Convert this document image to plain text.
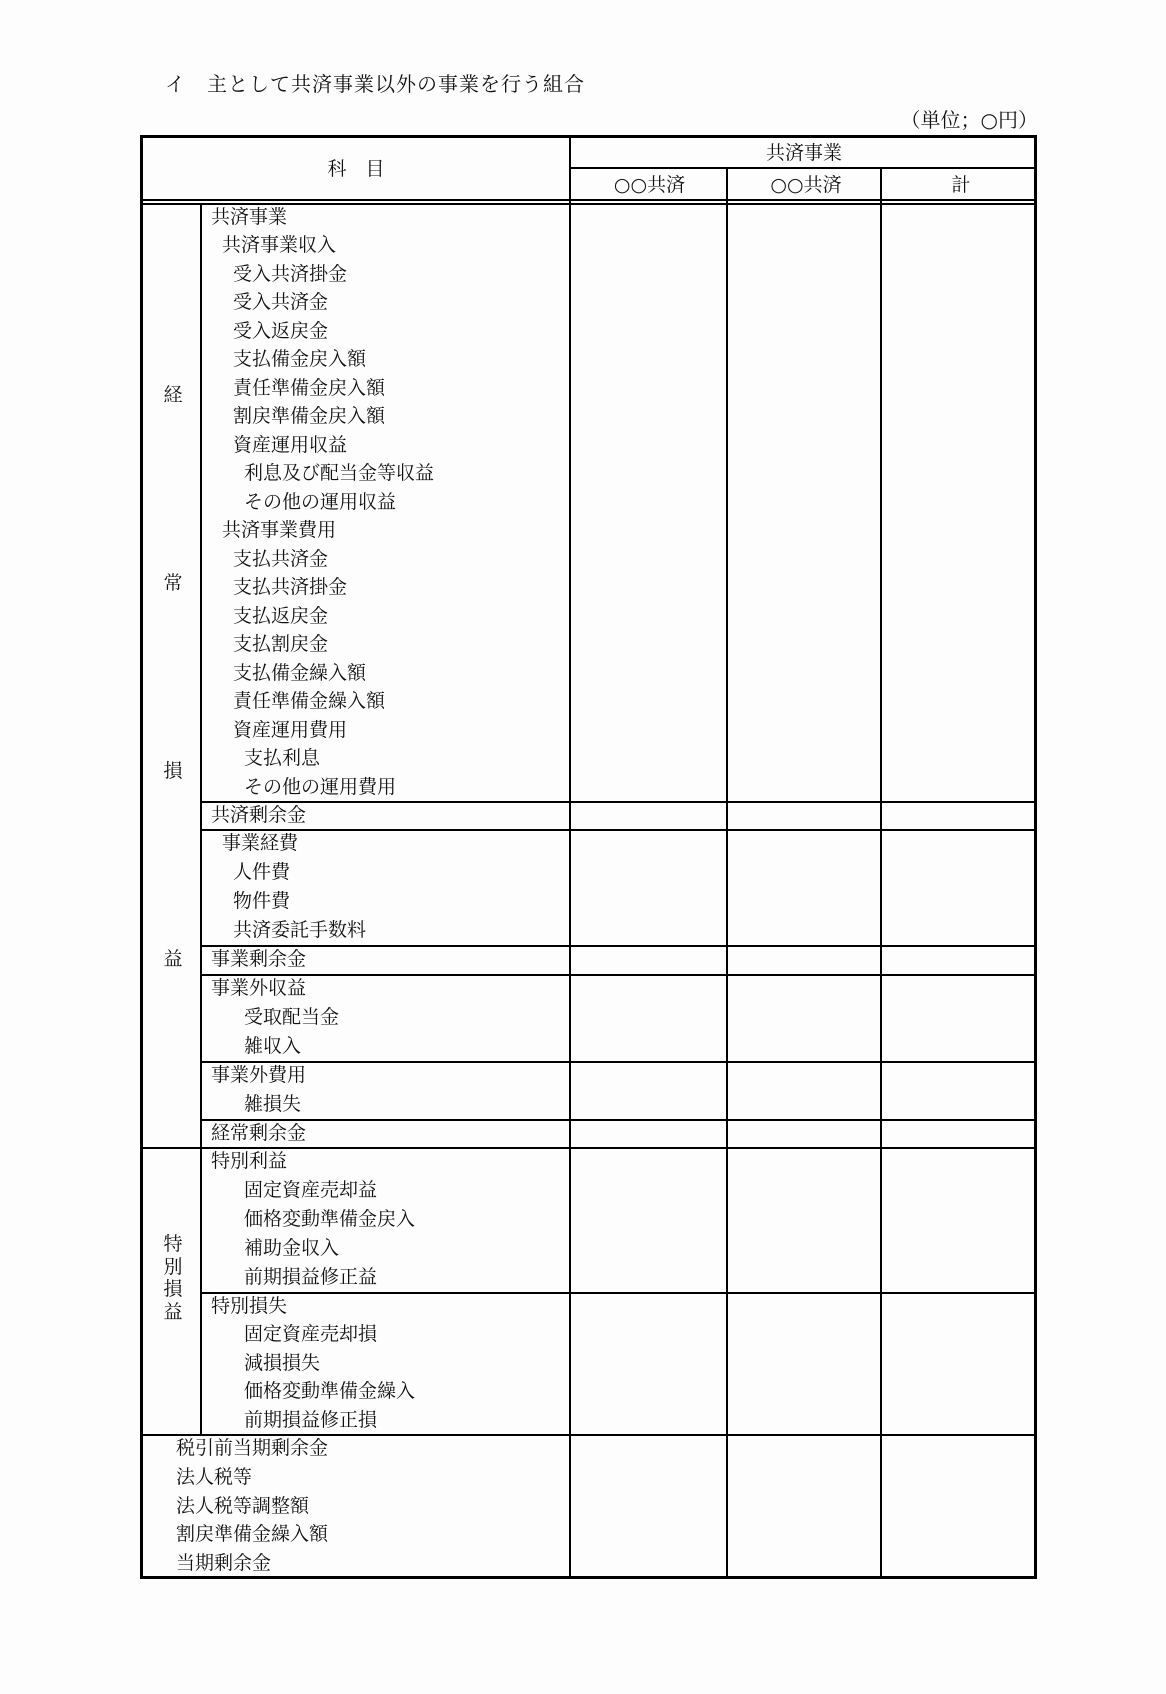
イ　主として共済事業以外の事業を行う組合
（単位；○円）
科　目
共済事業
○○共済	○○共済	計
共済事業
共済事業収入
受入共済掛金
受入共済金
受入返戻金
支払備金戻入額
責任準備金戻入額
割戻準備金戻入額
資産運用収益
利息及び配当金等収益
その他の運用収益
共済事業費用
支払共済金
支払共済掛金
支払返戻金
支払割戻金
支払備金繰入額
責任準備金繰入額
資産運用費用
支払利息
その他の運用費用
共済剰余金
事業経費
人件費
物件費
共済委託手数料
事業剰余金
事業外収益
受取配当金
雑収入
事業外費用
雑損失
経常剰余金
特別利益
固定資産売却益
価格変動準備金戻入
補助金収入
前期損益修正益
特別損失
固定資産売却損
減損損失
価格変動準備金繰入
前期損益修正損
税引前当期剰余金
法人税等
法人税等調整額
割戻準備金繰入額
当期剰余金
経
常
損
益
特
別
損
益
